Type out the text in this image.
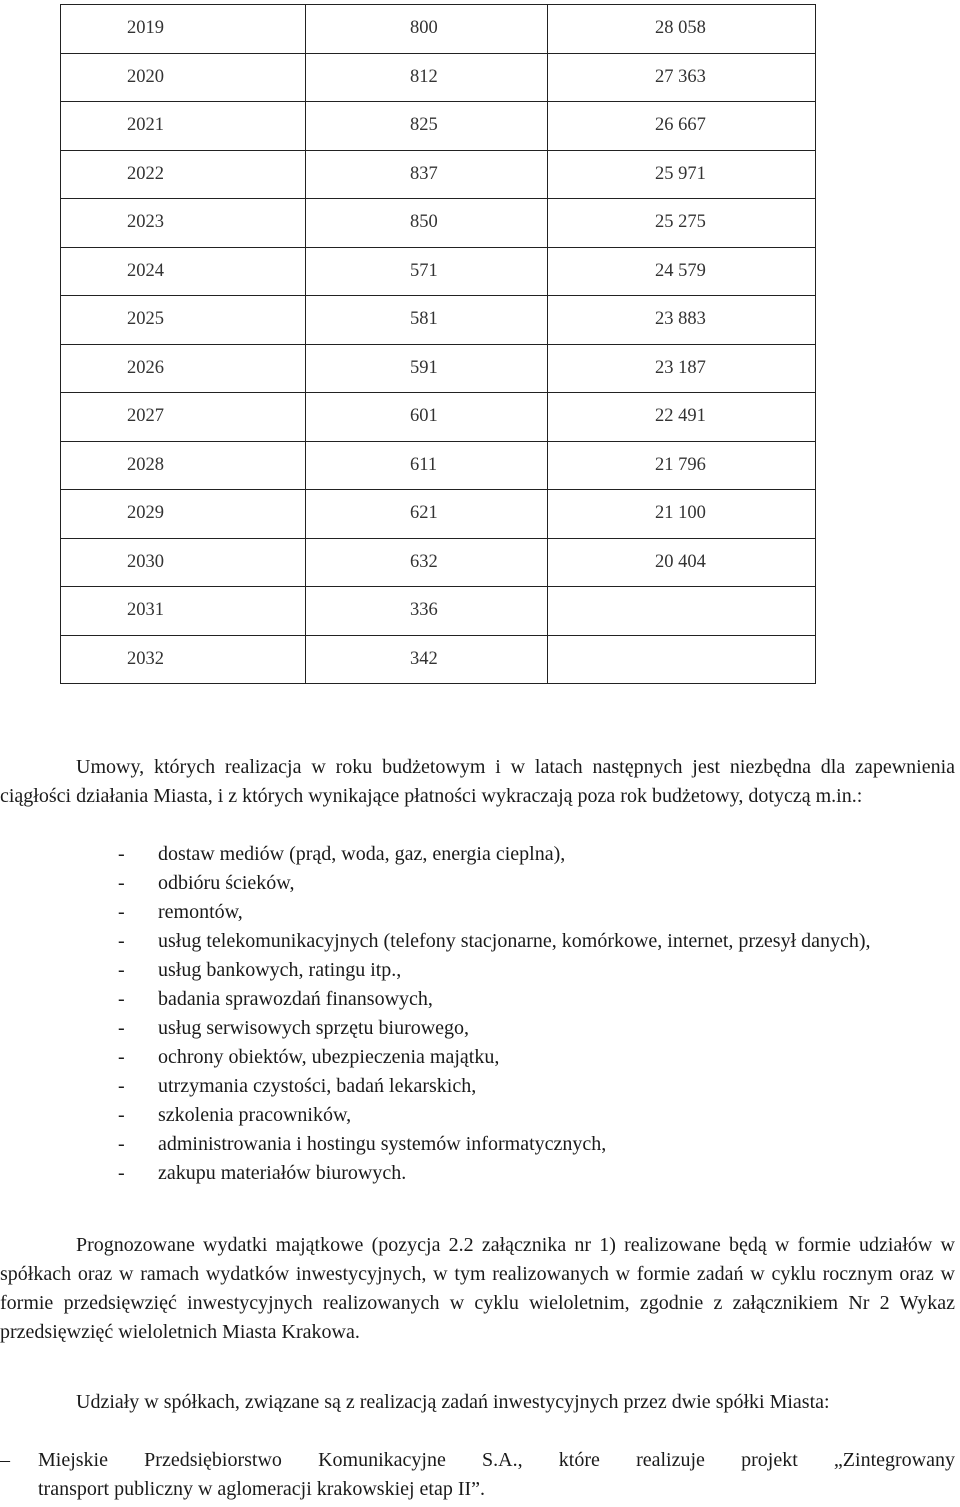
2019	800	28 058
2020	812	27 363
2021	825	26 667
2022	837	25 971
2023	850	25 275
2024	571	24 579
2025	581	23 883
2026	591	23 187
2027	601	22 491
2028	611	21 796
2029	621	21 100
2030	632	20 404
2031	336	
2032	342	

Umowy, których realizacja w roku budżetowym i w latach następnych jest niezbędna dla zapewnienia ciągłości działania Miasta, i z których wynikające płatności wykraczają poza rok budżetowy, dotyczą m.in.:

- dostaw mediów (prąd, woda, gaz, energia cieplna),
- odbióru ścieków,
- remontów,
- usług telekomunikacyjnych (telefony stacjonarne, komórkowe, internet, przesył danych),
- usług bankowych, ratingu itp.,
- badania sprawozdań finansowych,
- usług serwisowych sprzętu biurowego,
- ochrony obiektów, ubezpieczenia majątku,
- utrzymania czystości, badań lekarskich,
- szkolenia pracowników,
- administrowania i hostingu systemów informatycznych,
- zakupu materiałów biurowych.

Prognozowane wydatki majątkowe (pozycja 2.2 załącznika nr 1) realizowane będą w formie udziałów w spółkach oraz w ramach wydatków inwestycyjnych, w tym realizowanych w formie zadań w cyklu rocznym oraz w formie przedsięwzięć inwestycyjnych realizowanych w cyklu wieloletnim, zgodnie z załącznikiem Nr 2 Wykaz przedsięwzięć wieloletnich Miasta Krakowa.

Udziały w spółkach, związane są z realizacją zadań inwestycyjnych przez dwie spółki Miasta:

– Miejskie Przedsiębiorstwo Komunikacyjne S.A., które realizuje projekt „Zintegrowany
transport publiczny w aglomeracji krakowskiej etap II”.
